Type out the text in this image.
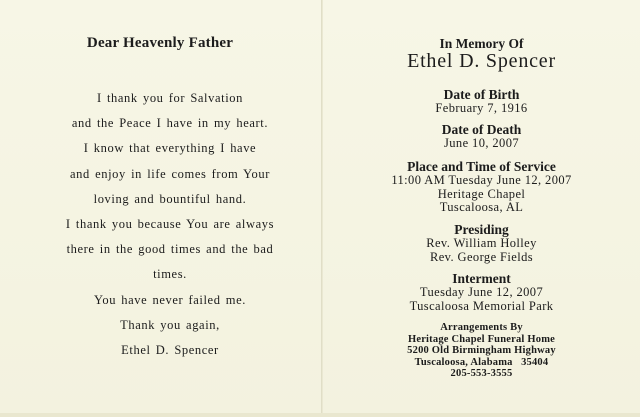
Dear Heavenly Father
I thank you for Salvation
and the Peace I have in my heart.
I know that everything I have
and enjoy in life comes from Your
loving and bountiful hand.
I thank you because You are always
there in the good times and the bad
times.
You have never failed me.
Thank you again,
Ethel D. Spencer
In Memory Of
Ethel D. Spencer
Date of Birth
February 7, 1916
Date of Death
June 10, 2007
Place and Time of Service
11:00 AM Tuesday June 12, 2007
Heritage Chapel
Tuscaloosa, AL
Presiding
Rev. William Holley
Rev. George Fields
Interment
Tuesday June 12, 2007
Tuscaloosa Memorial Park
Arrangements By
Heritage Chapel Funeral Home
5200 Old Birmingham Highway
Tuscaloosa, Alabama   35404
205-553-3555
